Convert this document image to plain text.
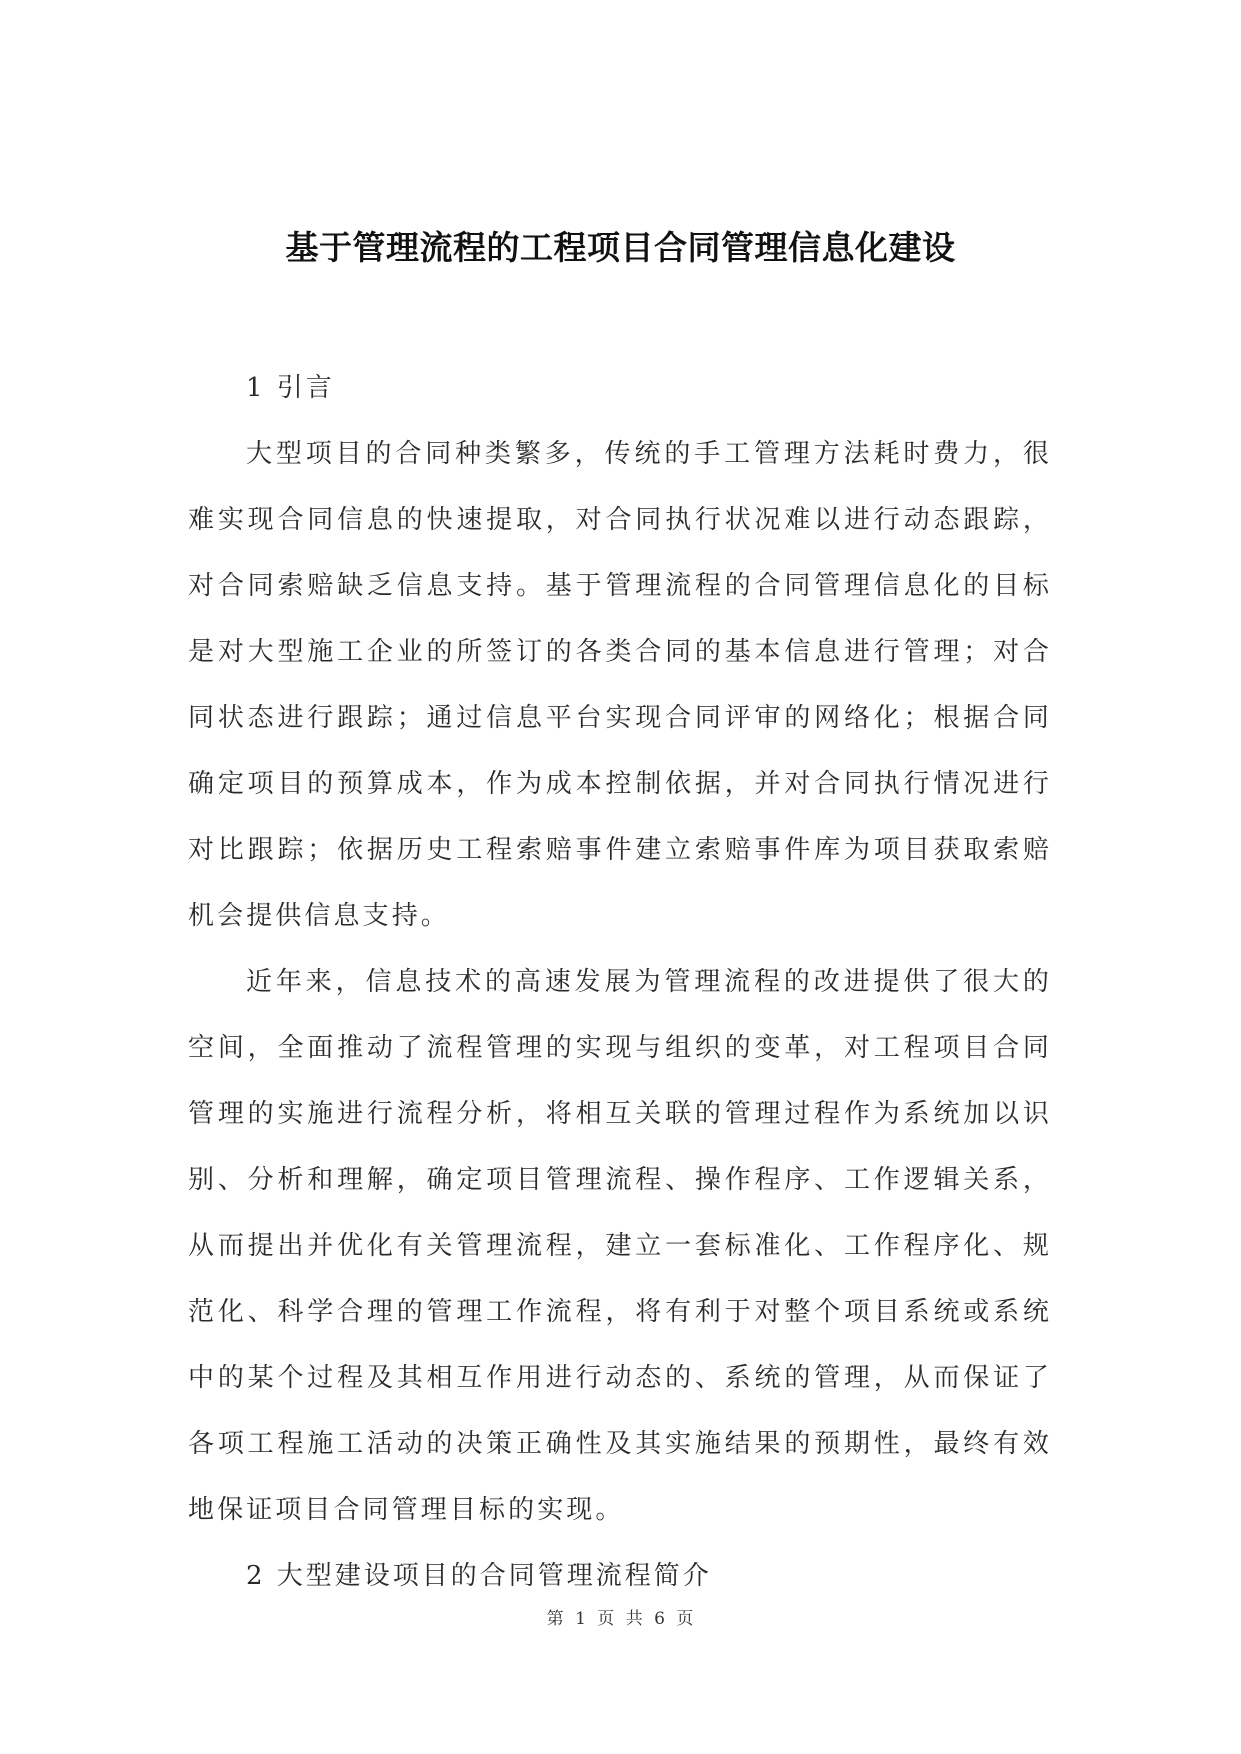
基于管理流程的工程项目合同管理信息化建设

1 引言

大型项目的合同种类繁多，传统的手工管理方法耗时费力，很难实现合同信息的快速提取，对合同执行状况难以进行动态跟踪，对合同索赔缺乏信息支持。基于管理流程的合同管理信息化的目标是对大型施工企业的所签订的各类合同的基本信息进行管理；对合同状态进行跟踪；通过信息平台实现合同评审的网络化；根据合同确定项目的预算成本，作为成本控制依据，并对合同执行情况进行对比跟踪；依据历史工程索赔事件建立索赔事件库为项目获取索赔机会提供信息支持。

近年来，信息技术的高速发展为管理流程的改进提供了很大的空间，全面推动了流程管理的实现与组织的变革，对工程项目合同管理的实施进行流程分析，将相互关联的管理过程作为系统加以识别、分析和理解，确定项目管理流程、操作程序、工作逻辑关系，从而提出并优化有关管理流程，建立一套标准化、工作程序化、规范化、科学合理的管理工作流程，将有利于对整个项目系统或系统中的某个过程及其相互作用进行动态的、系统的管理，从而保证了各项工程施工活动的决策正确性及其实施结果的预期性，最终有效地保证项目合同管理目标的实现。

2 大型建设项目的合同管理流程简介

第 1 页 共 6 页
